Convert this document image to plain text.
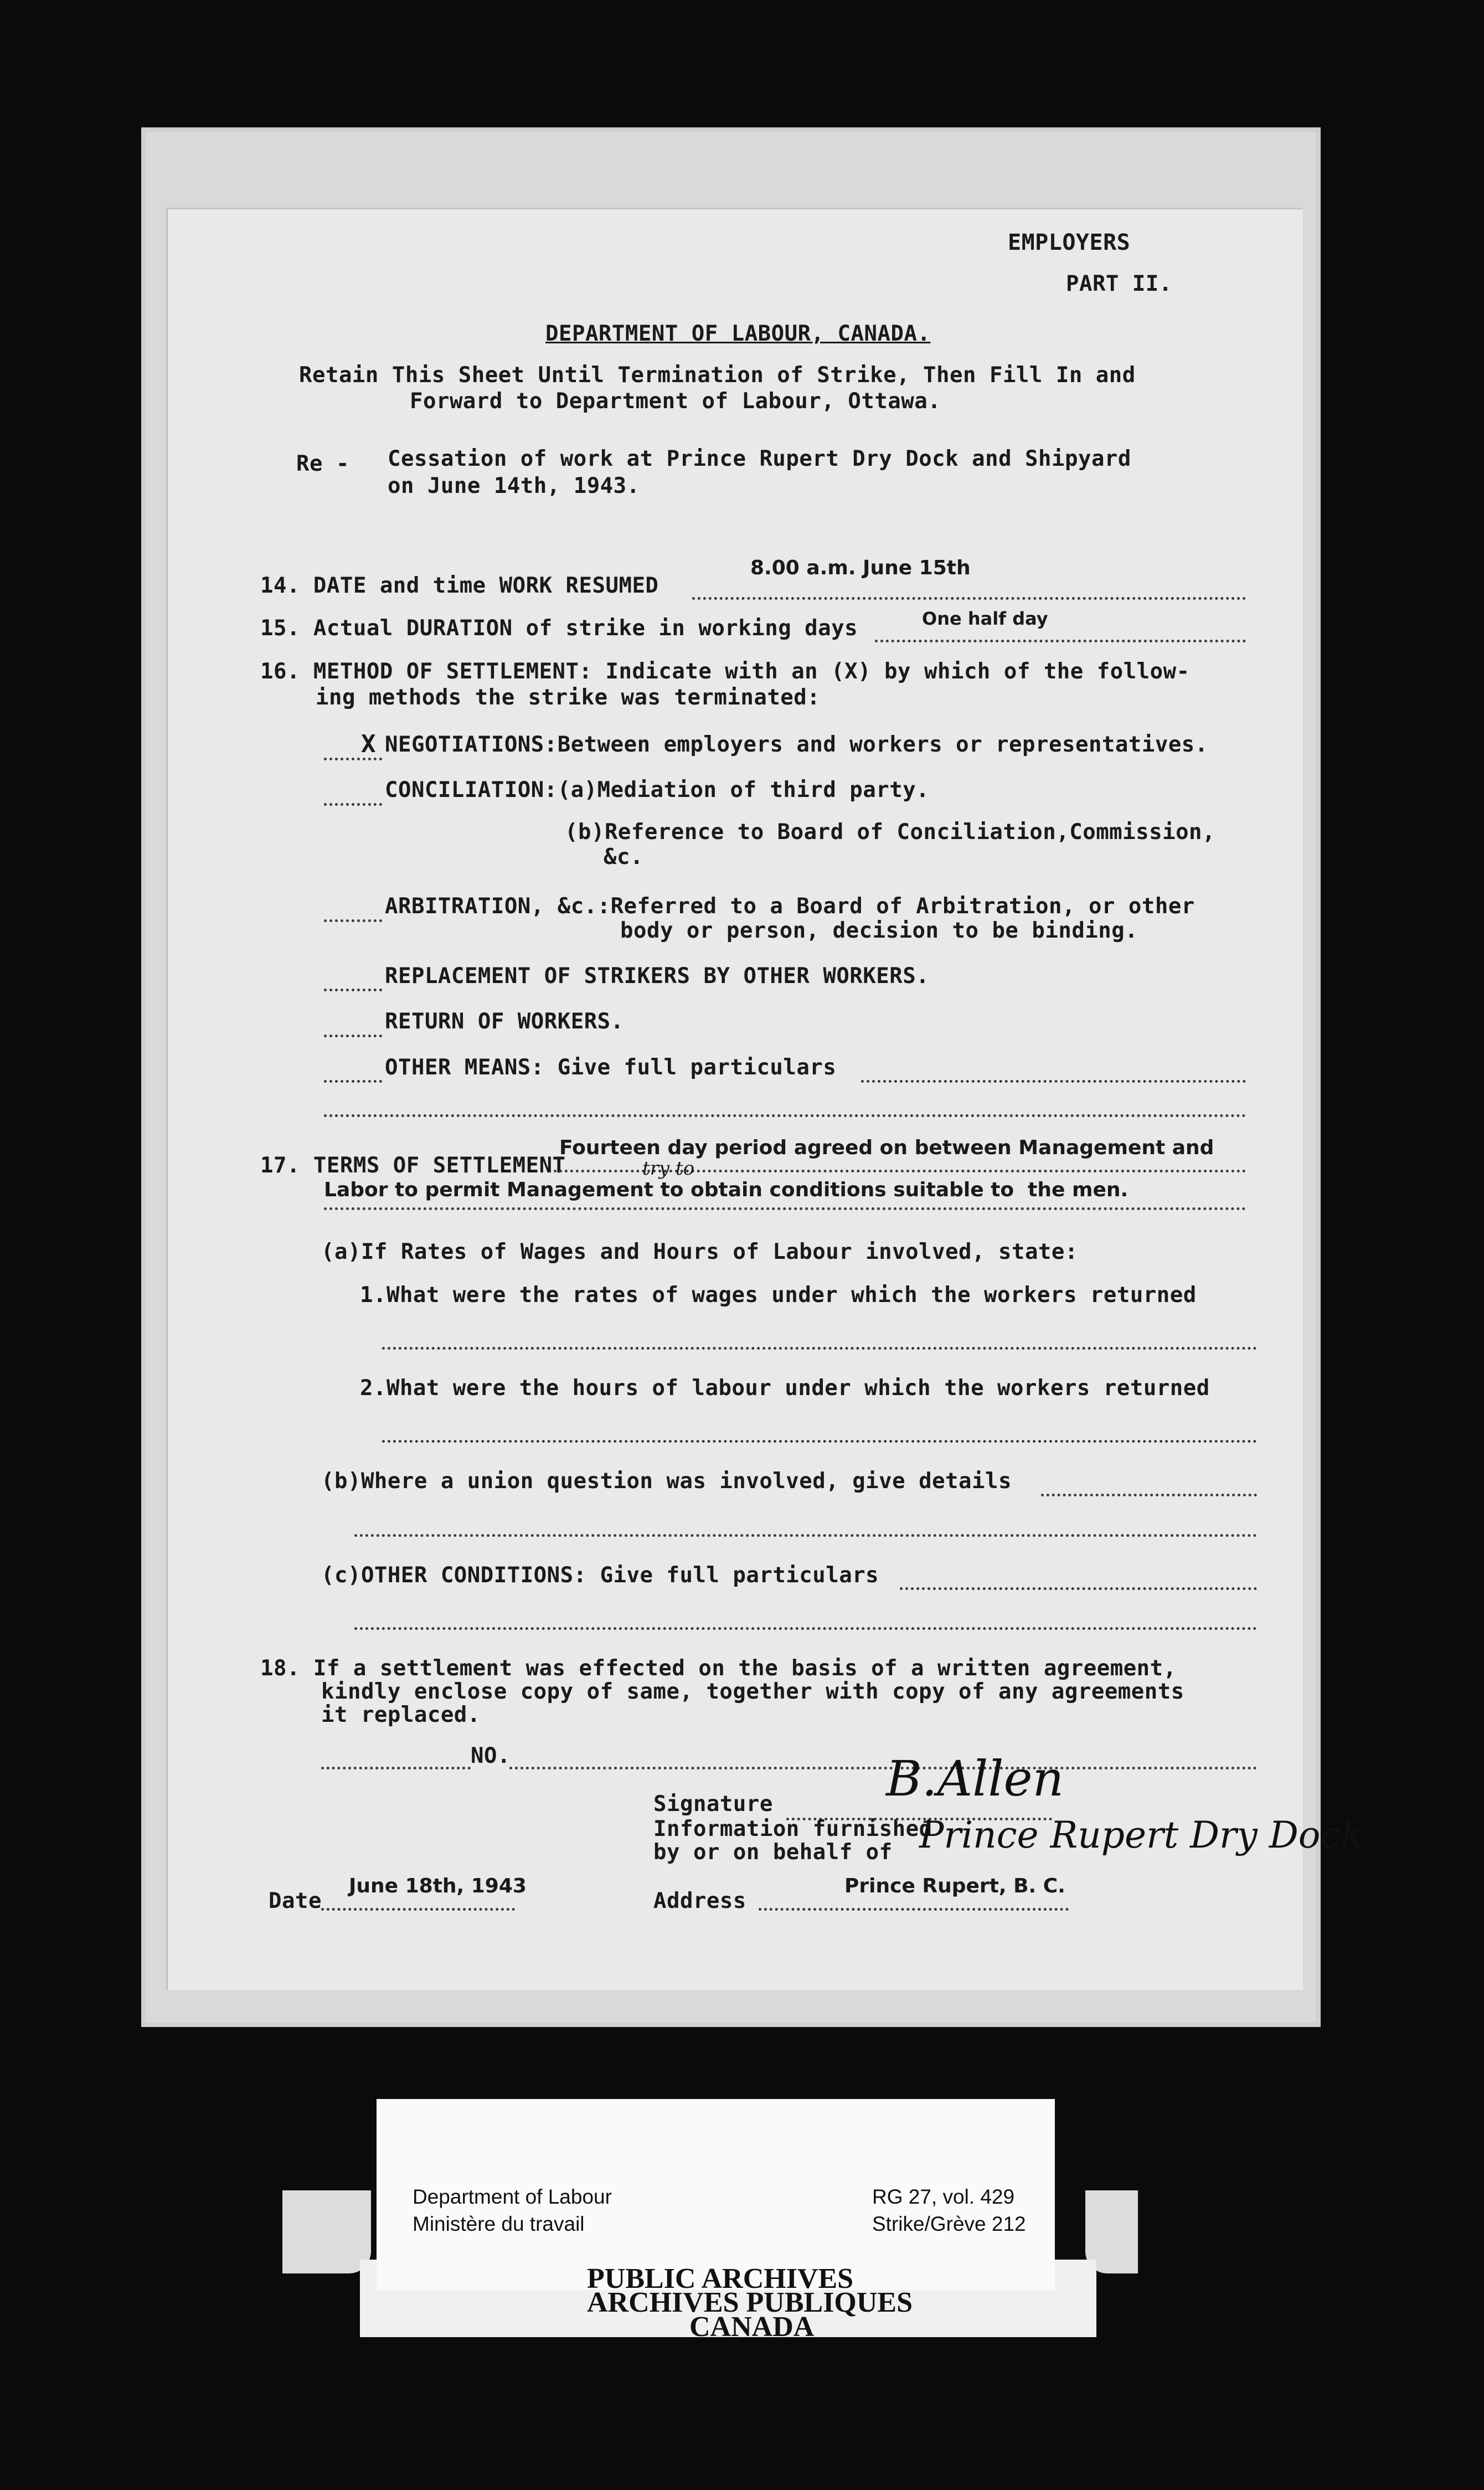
EMPLOYERS
PART II.
DEPARTMENT OF LABOUR, CANADA.
Retain This Sheet Until Termination of Strike, Then Fill In and
Forward to Department of Labour, Ottawa.
Re - Cessation of work at Prince Rupert Dry Dock and Shipyard
on June 14th, 1943.
14. DATE and time WORK RESUMED
8.00 a.m. June 15th
15. Actual DURATION of strike in working days	One half day
16. METHOD OF SETTLEMENT: Indicate with an (X) by which of the follow-
ing methods the strike was terminated:
X NEGOTIATIONS:Between employers and workers or representatives.
CONCILIATION:(a)Mediation of third party.
(b)Reference to Board of Conciliation,Commission,
&c.
ARBITRATION, &c.:Referred to a Board of Arbitration, or other
body or person, decision to be binding.
REPLACEMENT OF STRIKERS BY OTHER WORKERS.
RETURN OF WORKERS.
OTHER MEANS: Give full particulars
17. TERMS OF SETTLEMENT
Fourteen day period agreed on between Management and
try to
Labor to permit Management to obtain conditions suitable to  the men.
(a)If Rates of Wages and Hours of Labour involved, state:
1.What were the rates of wages under which the workers returned
2.What were the hours of labour under which the workers returned
(b)Where a union question was involved, give details
(c)OTHER CONDITIONS: Give full particulars
18. If a settlement was effected on the basis of a written agreement,
kindly enclose copy of same, together with copy of any agreements
it replaced.
NO.
Signature B.Allen
Information furnished
by or on behalf of Prince Rupert Dry Dock
Date
June 18th, 1943
Address
Prince Rupert, B. C.
Department of Labour
Ministère du travail
RG 27, vol. 429
Strike/Grève 212
PUBLIC ARCHIVES
ARCHIVES PUBLIQUES
CANADA
